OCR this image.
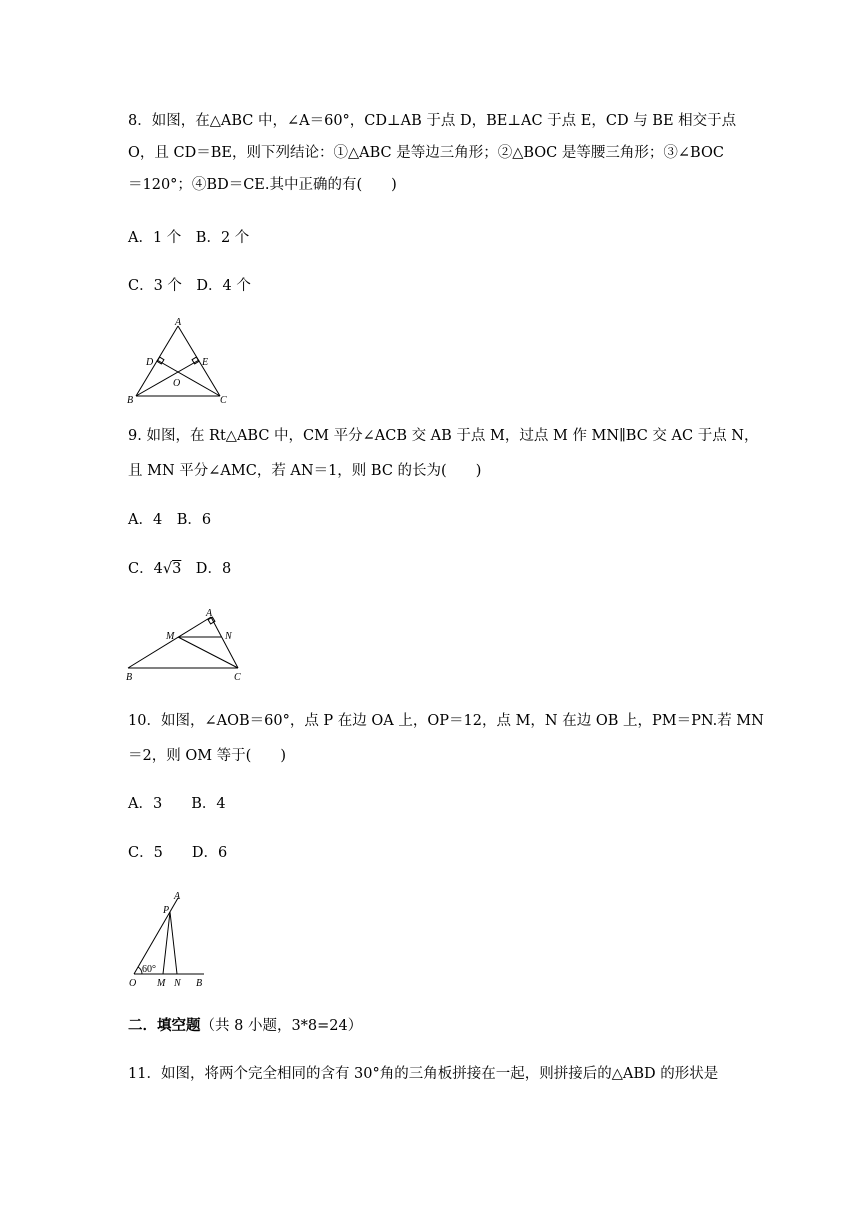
8．如图，在△ABC 中，∠A＝60°，CD⊥AB 于点 D，BE⊥AC 于点 E，CD 与 BE 相交于点
O，且 CD＝BE，则下列结论：①△ABC 是等边三角形；②△BOC 是等腰三角形；③∠BOC
＝120°；④BD＝CE.其中正确的有(　　)
A．1 个　B．2 个
C．3 个　D．4 个
A
D	E
O
B	C
9. 如图，在 Rt△ABC 中，CM 平分∠ACB 交 AB 于点 M，过点 M 作 MN∥BC 交 AC 于点 N，
且 MN 平分∠AMC，若 AN＝1，则 BC 的长为(　　)
A．4　B．6
C．4√3　D．8
A
M	N
B	C
10．如图，∠AOB＝60°，点 P 在边 OA 上，OP＝12，点 M，N 在边 OB 上，PM＝PN.若 MN
＝2，则 OM 等于(　　)
A．3　　B．4
C．5　　D．6
A
P
60°
O M N B
二．填空题（共 8 小题，3*8=24）
11．如图，将两个完全相同的含有 30°角的三角板拼接在一起，则拼接后的△ABD 的形状是
